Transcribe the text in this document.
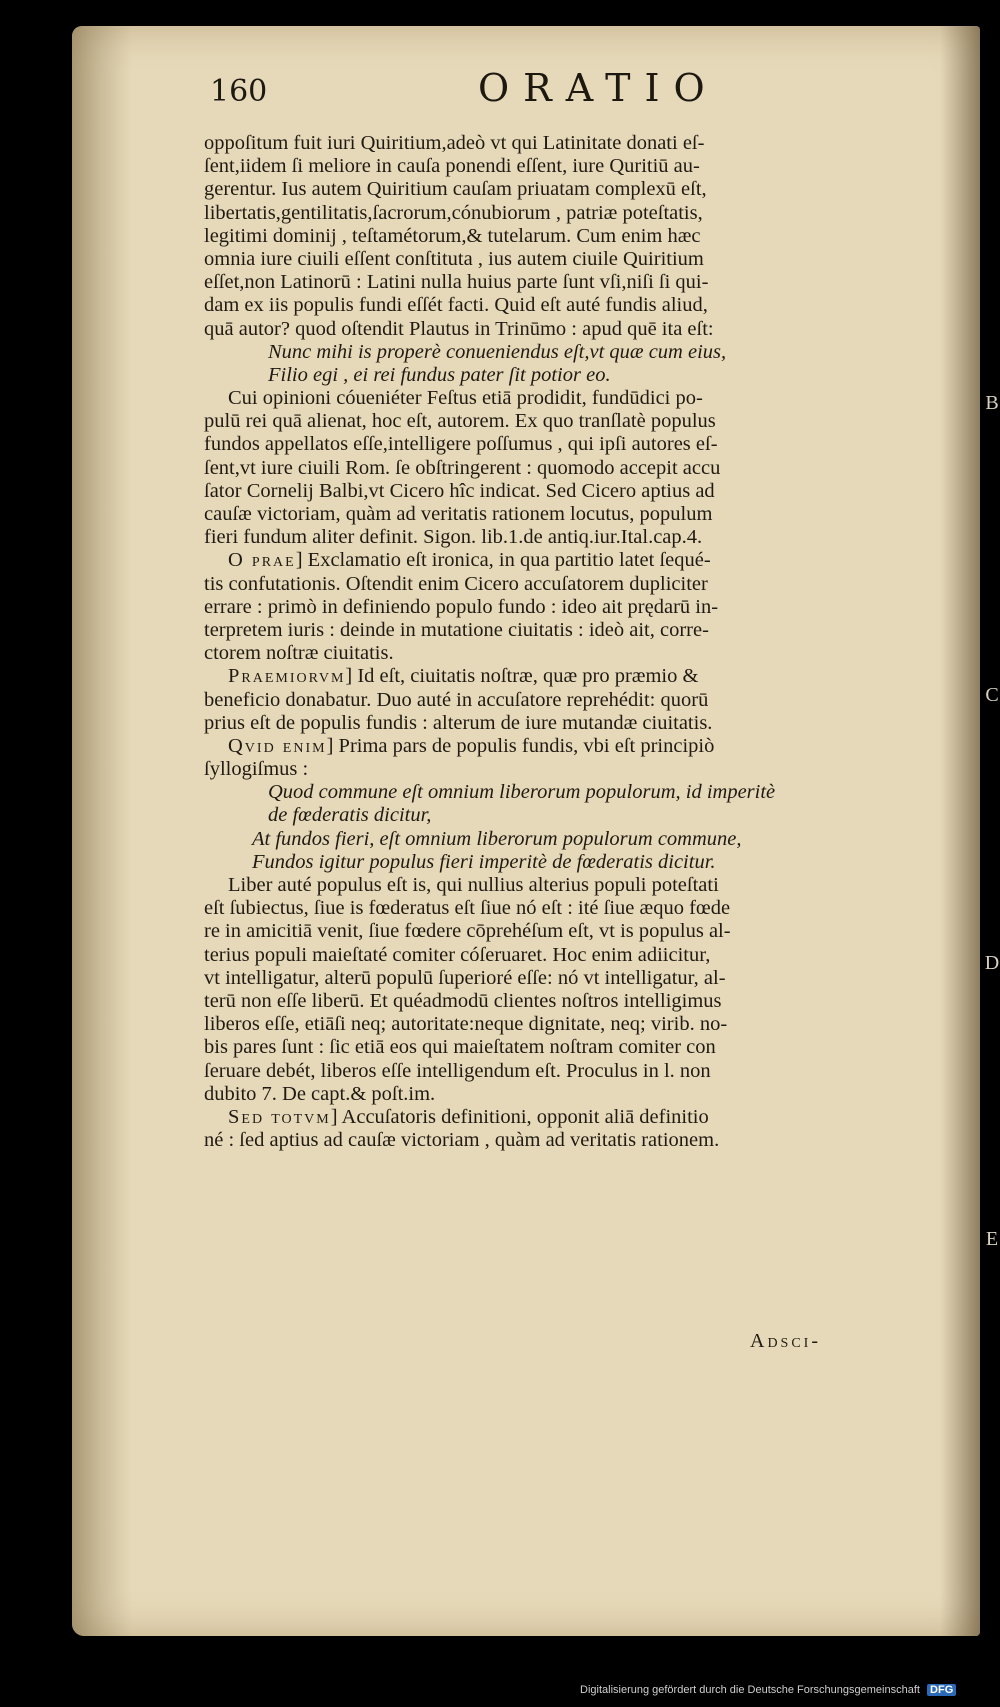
160	ORATIO
oppoſitum fuit iuri Quiritium,adeò vt qui Latinitate donati eſ-
ſent,iidem ſi meliore in cauſa ponendi eſſent, iure Quritiū au-
gerentur. Ius autem Quiritium cauſam priuatam complexū eſt,
libertatis,gentilitatis,ſacrorum,cónubiorum , patriæ poteſtatis,
legitimi dominij , teſtamétorum,& tutelarum. Cum enim hæc
omnia iure ciuili eſſent conſtituta , ius autem ciuile Quiritium
eſſet,non Latinorū : Latini nulla huius parte ſunt vſi,niſi ſi qui-
dam ex iis populis fundi eſſét facti. Quid eſt auté fundis aliud,
quā autor? quod oſtendit Plautus in Trinūmo : apud quē ita eſt:
Nunc mihi is properè conueniendus eſt,vt quæ cum eius,
Filio egi , ei rei fundus pater ſit potior eo.
Cui opinioni cóueniéter Feſtus etiā prodidit, fundūdici po-
pulū rei quā alienat, hoc eſt, autorem. Ex quo tranſlatè populus
fundos appellatos eſſe,intelligere poſſumus , qui ipſi autores eſ-
ſent,vt iure ciuili Rom. ſe obſtringerent : quomodo accepit accu
ſator Cornelij Balbi,vt Cicero hîc indicat. Sed Cicero aptius ad
cauſæ victoriam, quàm ad veritatis rationem locutus, populum
fieri fundum aliter definit. Sigon. lib.1.de antiq.iur.Ital.cap.4.
O prae] Exclamatio eſt ironica, in qua partitio latet ſequé-
tis confutationis. Oſtendit enim Cicero accuſatorem dupliciter
errare : primò in definiendo populo fundo : ideo ait prędarū in-
terpretem iuris : deinde in mutatione ciuitatis : ideò ait, corre-
ctorem noſtræ ciuitatis.
Praemiorvm] Id eſt, ciuitatis noſtræ, quæ pro præmio &
beneficio donabatur. Duo auté in accuſatore reprehédit: quorū
prius eſt de populis fundis : alterum de iure mutandæ ciuitatis.
Qvid enim] Prima pars de populis fundis, vbi eſt principiò
ſyllogiſmus :
Quod commune eſt omnium liberorum populorum, id imperitè
de fœderatis dicitur,
At fundos fieri, eſt omnium liberorum populorum commune,
Fundos igitur populus fieri imperitè de fœderatis dicitur.
Liber auté populus eſt is, qui nullius alterius populi poteſtati
eſt ſubiectus, ſiue is fœderatus eſt ſiue nó eſt : ité ſiue æquo fœde
re in amicitiā venit, ſiue fœdere cōprehéſum eſt, vt is populus al-
terius populi maieſtaté comiter cóſeruaret. Hoc enim adiicitur,
vt intelligatur, alterū populū ſuperioré eſſe: nó vt intelligatur, al-
terū non eſſe liberū. Et quéadmodū clientes noſtros intelligimus
liberos eſſe, etiāſi neq; autoritate:neque dignitate, neq; virib. no-
bis pares ſunt : ſic etiā eos qui maieſtatem noſtram comiter con
ſeruare debét, liberos eſſe intelligendum eſt. Proculus in l. non
dubito 7. De capt.& poſt.im.
Sed totvm] Accuſatoris definitioni, opponit aliā definitio
né : ſed aptius ad cauſæ victoriam , quàm ad veritatis rationem.
Adsci-
B
C
D
E
Digitalisierung gefördert durch die Deutsche Forschungsgemeinschaft DFG
